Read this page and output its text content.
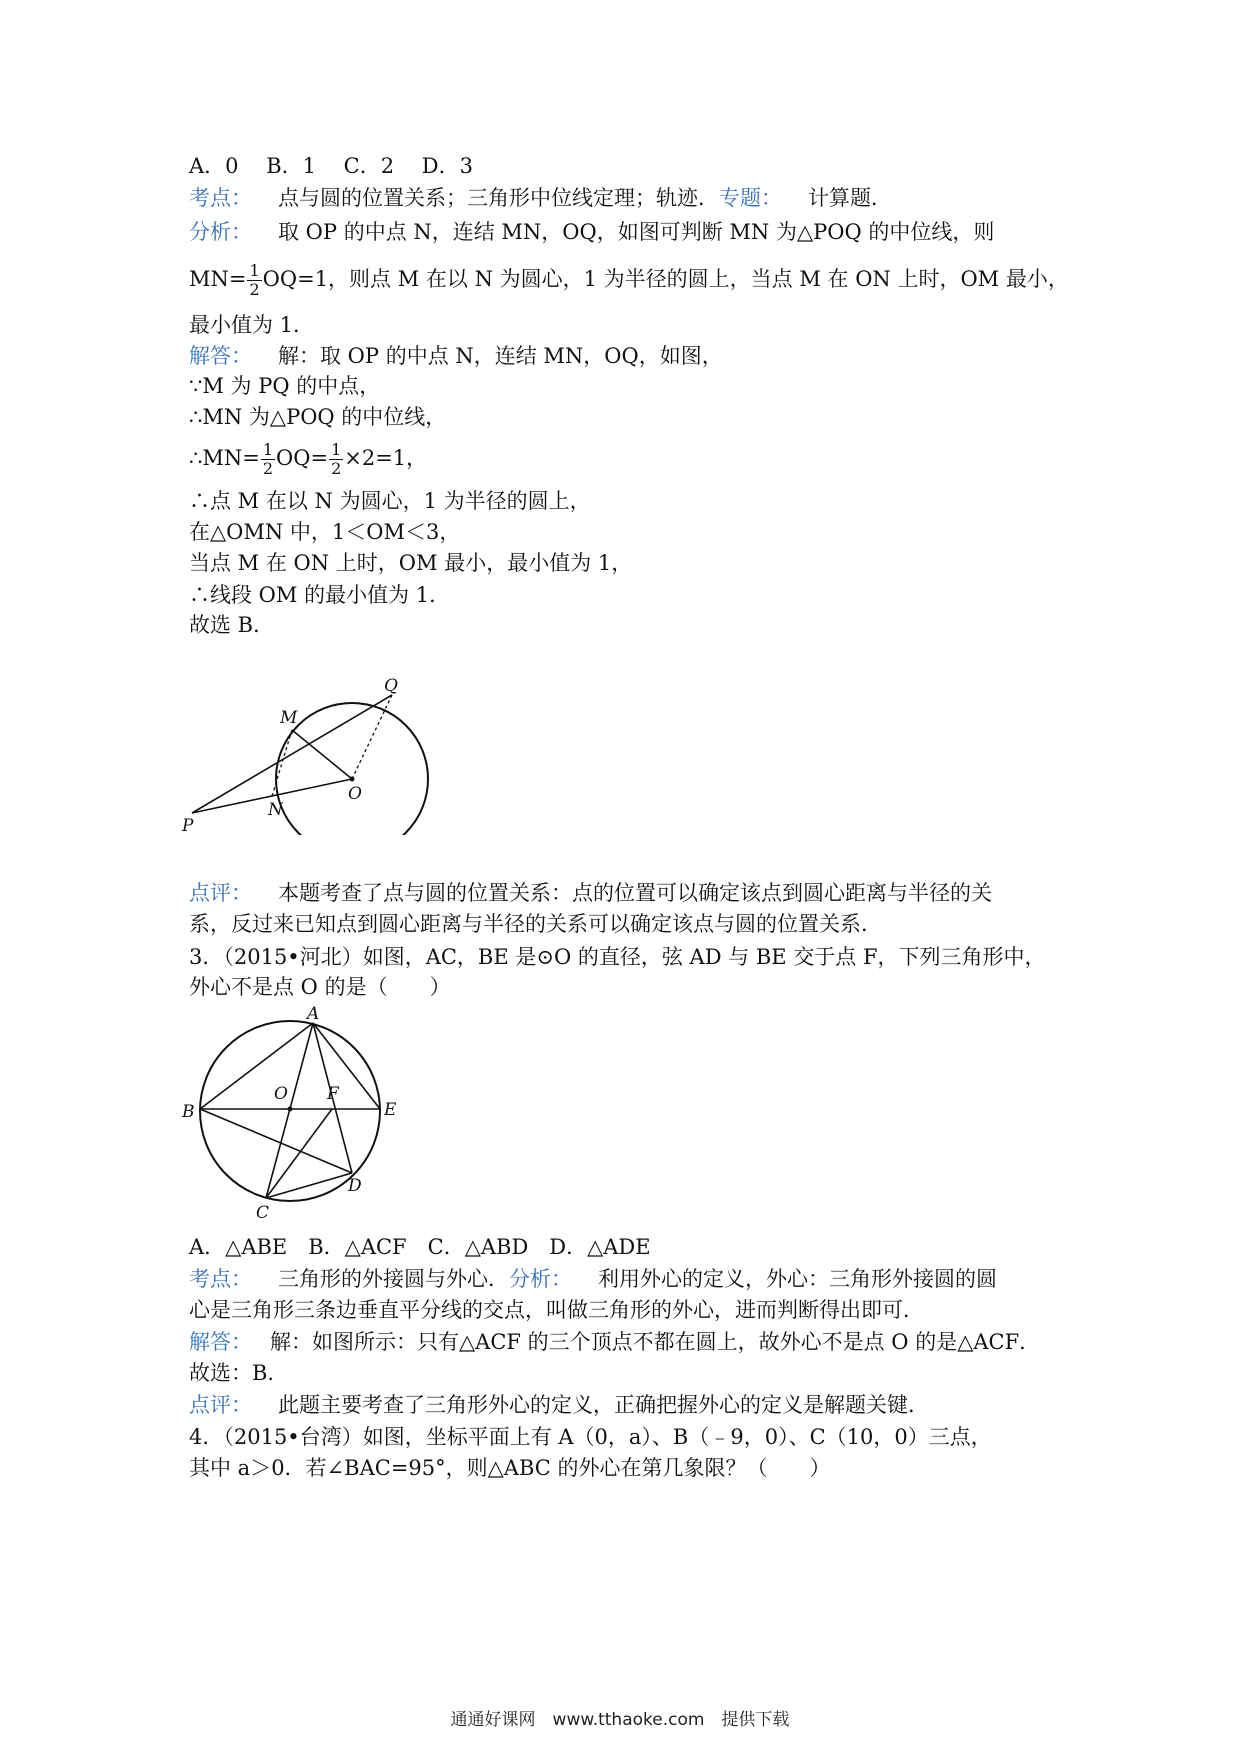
A．0　 B．1　 C．2　 D．3
考点： 点与圆的位置关系；三角形中位线定理；轨迹．专题： 计算题．
分析： 取 OP 的中点 N，连结 MN，OQ，如图可判断 MN 为△POQ 的中位线，则
$MN= \frac{1}{2} OQ=1$，则点 M 在以 N 为圆心，1 为半径的圆上，当点 M 在 ON 上时，OM 最小，
最小值为 1．
解答： 解：取 OP 的中点 N，连结 MN，OQ，如图，
∵M 为 PQ 的中点，
∴MN 为△POQ 的中位线，
∴MN= $\frac{1}{2} OQ= \frac{1}{2} \times 2=1$，
∴点 M 在以 N 为圆心，1 为半径的圆上，
在△OMN 中，1＜OM＜3，
当点 M 在 ON 上时，OM 最小，最小值为 1，
∴线段 OM 的最小值为 1．
故选 B．
Q
M
O
N
P
点评： 本题考查了点与圆的位置关系：点的位置可以确定该点到圆心距离与半径的关
系，反过来已知点到圆心距离与半径的关系可以确定该点与圆的位置关系．
3．（2015•河北）如图，AC，BE 是⊙O 的直径，弦 AD 与 BE 交于点 F，下列三角形中，
外心不是点 O 的是（　　）
A
B
O F
E
C
D
A．△ABE　B．△ACF　C．△ABD　D．△ADE
考点： 三角形的外接圆与外心．分析： 利用外心的定义，外心：三角形外接圆的圆
心是三角形三条边垂直平分线的交点，叫做三角形的外心，进而判断得出即可．
解答： 解：如图所示：只有△ACF 的三个顶点不都在圆上，故外心不是点 O 的是△ACF．
故选：B．
点评： 此题主要考查了三角形外心的定义，正确把握外心的定义是解题关键．
4．（2015•台湾）如图，坐标平面上有 A（0，a）、B（﹣9，0）、C（10，0）三点，
其中 a＞0．若∠BAC=95°，则△ABC 的外心在第几象限？（　　）
通通好课网　www.tthaoke.com　提供下载
